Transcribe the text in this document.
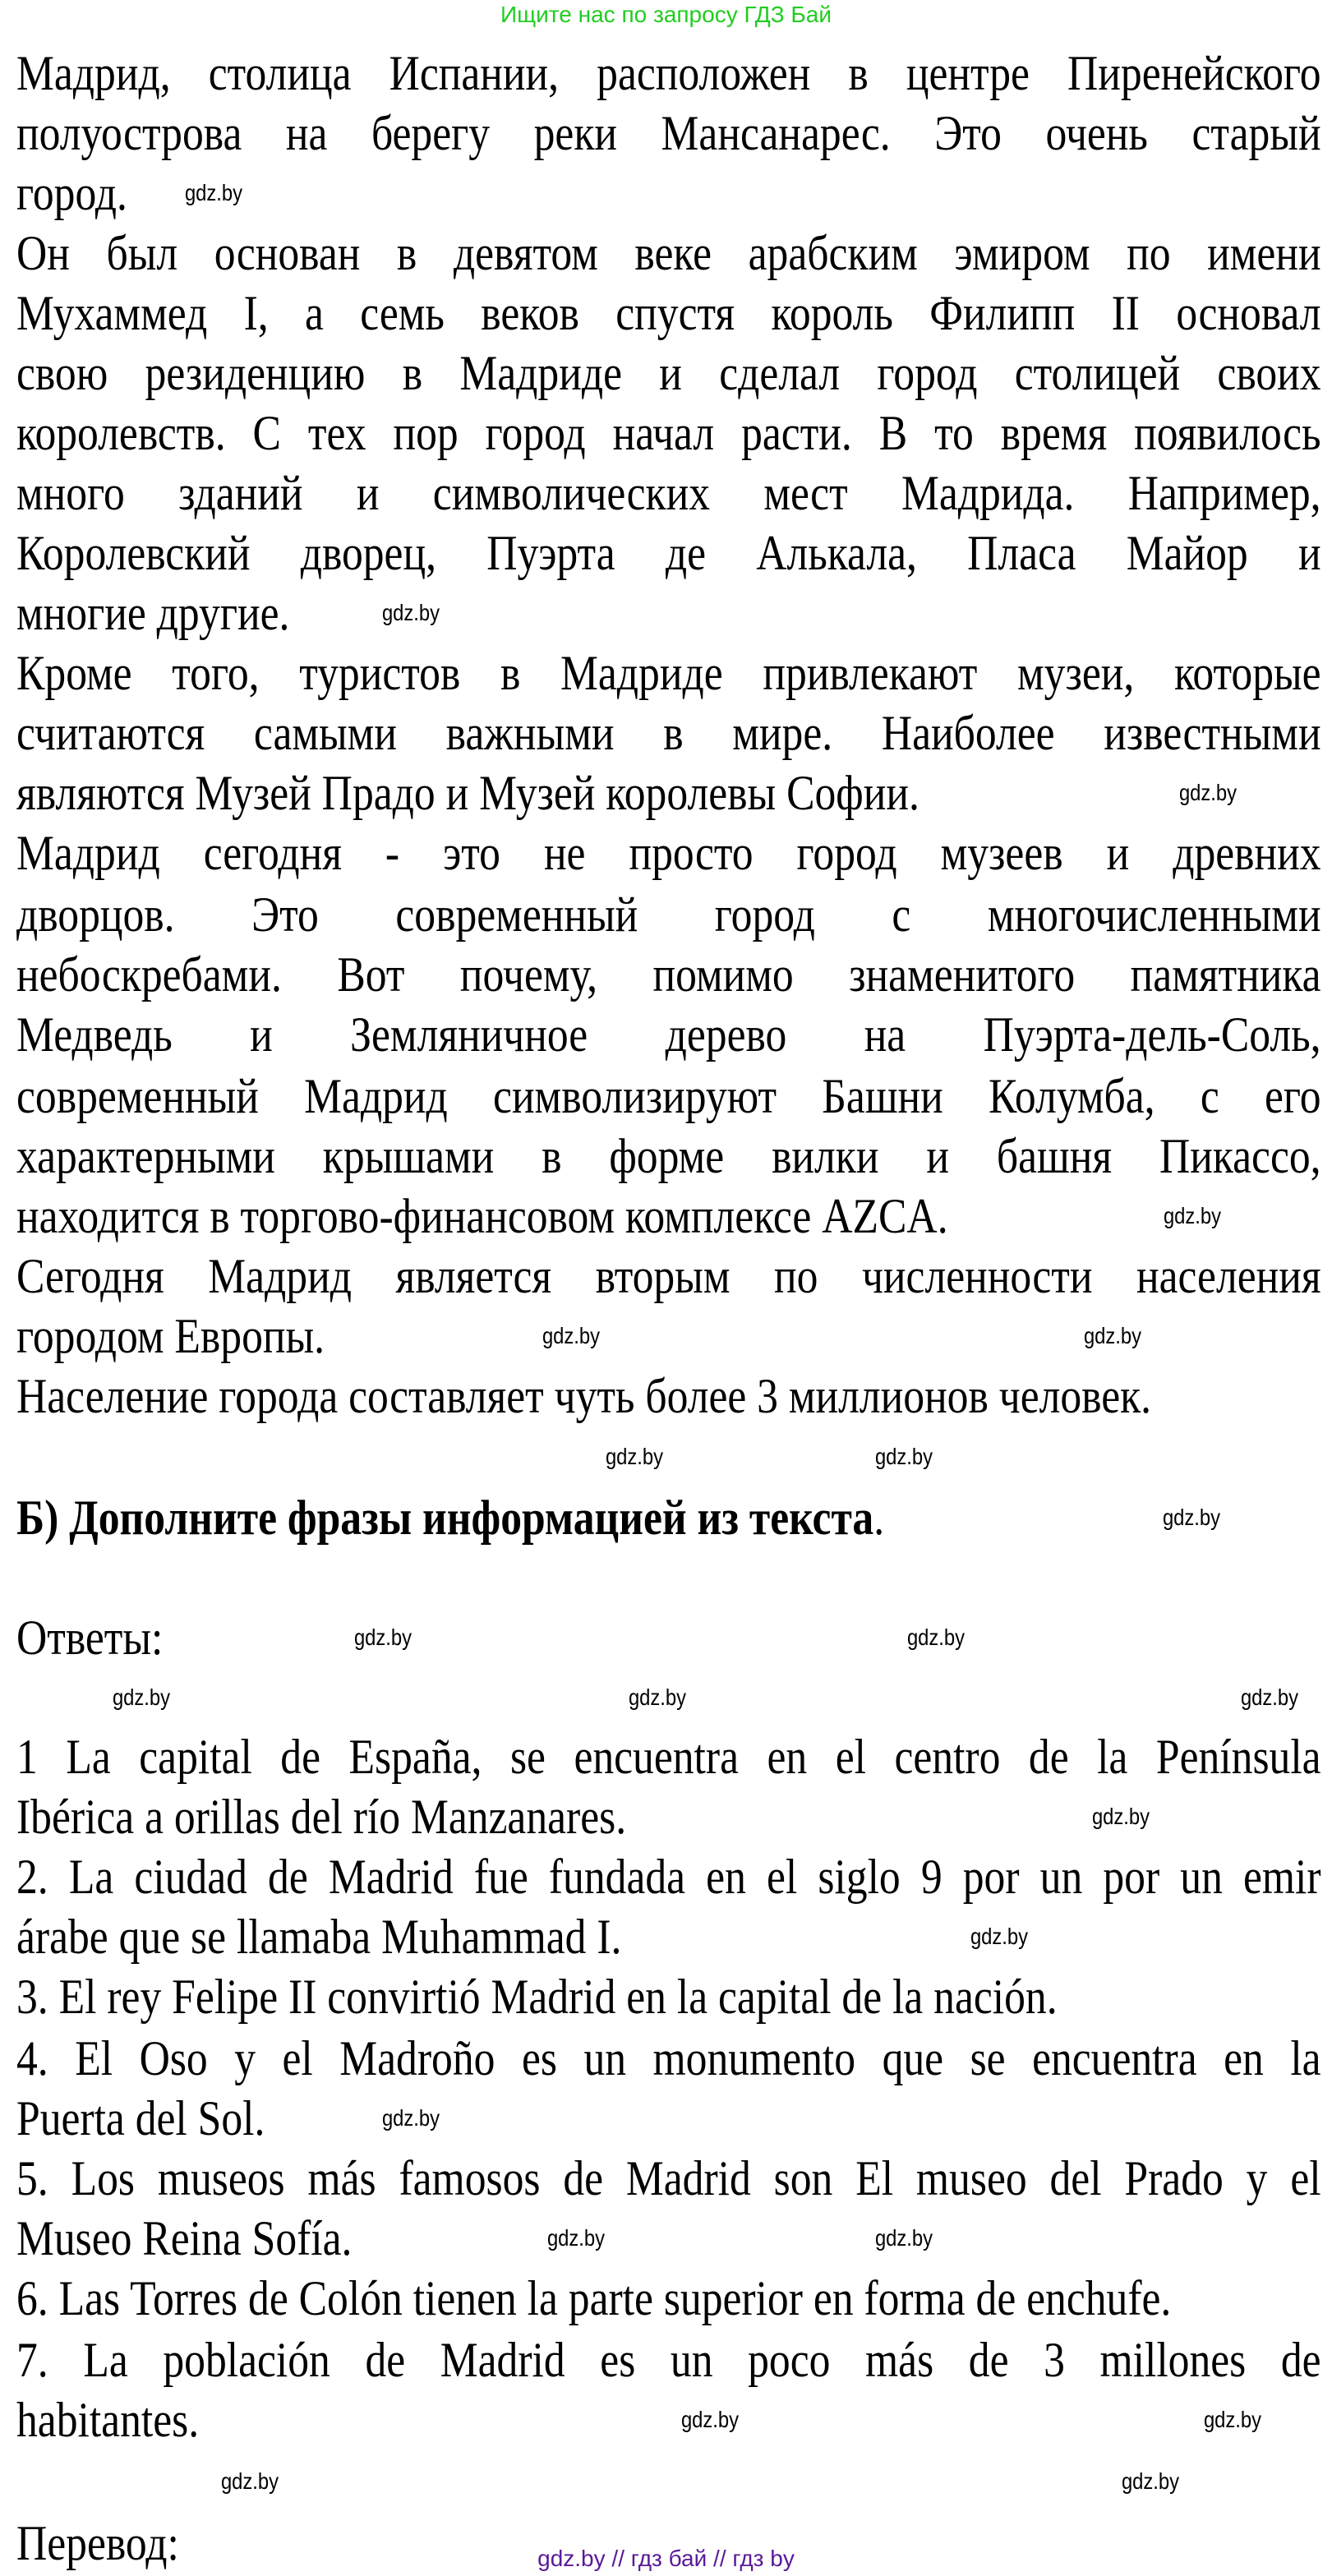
Ищите нас по запросу ГДЗ Бай
Мадрид, столица Испании, расположен в центре Пиренейского
полуострова на берегу реки Мансанарес. Это очень старый
город.
Он был основан в девятом веке арабским эмиром по имени
Мухаммед I, а семь веков спустя король Филипп II основал
свою резиденцию в Мадриде и сделал город столицей своих
королевств. С тех пор город начал расти. В то время появилось
много зданий и символических мест Мадрида. Например,
Королевский дворец, Пуэрта де Алькала, Пласа Майор и
многие другие.
Кроме того, туристов в Мадриде привлекают музеи, которые
считаются самыми важными в мире. Наиболее известными
являются Музей Прадо и Музей королевы Софии.
Мадрид сегодня - это не просто город музеев и древних
дворцов. Это современный город с многочисленными
небоскребами. Вот почему, помимо знаменитого памятника
Медведь и Земляничное дерево на Пуэрта-дель-Соль,
современный Мадрид символизируют Башни Колумба, с его
характерными крышами в форме вилки и башня Пикассо,
находится в торгово-финансовом комплексе AZCA.
Сегодня Мадрид является вторым по численности населения
городом Европы.
Население города составляет чуть более 3 миллионов человек.
Б) Дополните фразы информацией из текста.
Ответы:
1 La capital de España, se encuentra en el centro de la Península
Ibérica a orillas del río Manzanares.
2. La ciudad de Madrid fue fundada en el siglo 9 por un por un emir
árabe que se llamaba Muhammad I.
3. El rey Felipe II convirtió Madrid en la capital de la nación.
4. El Oso y el Madroño es un monumento que se encuentra en la
Puerta del Sol.
5. Los museos más famosos de Madrid son El museo del Prado y el
Museo Reina Sofía.
6. Las Torres de Colón tienen la parte superior en forma de enchufe.
7. La población de Madrid es un poco más de 3 millones de
habitantes.
Перевод:
gdz.by
gdz.by
gdz.by
gdz.by
gdz.by	gdz.by
gdz.by	gdz.by
gdz.by
gdz.by	gdz.by
gdz.by	gdz.by	gdz.by
gdz.by
gdz.by
gdz.by
gdz.by	gdz.by
gdz.by	gdz.by
gdz.by	gdz.by
gdz.by // гдз бай // гдз by
